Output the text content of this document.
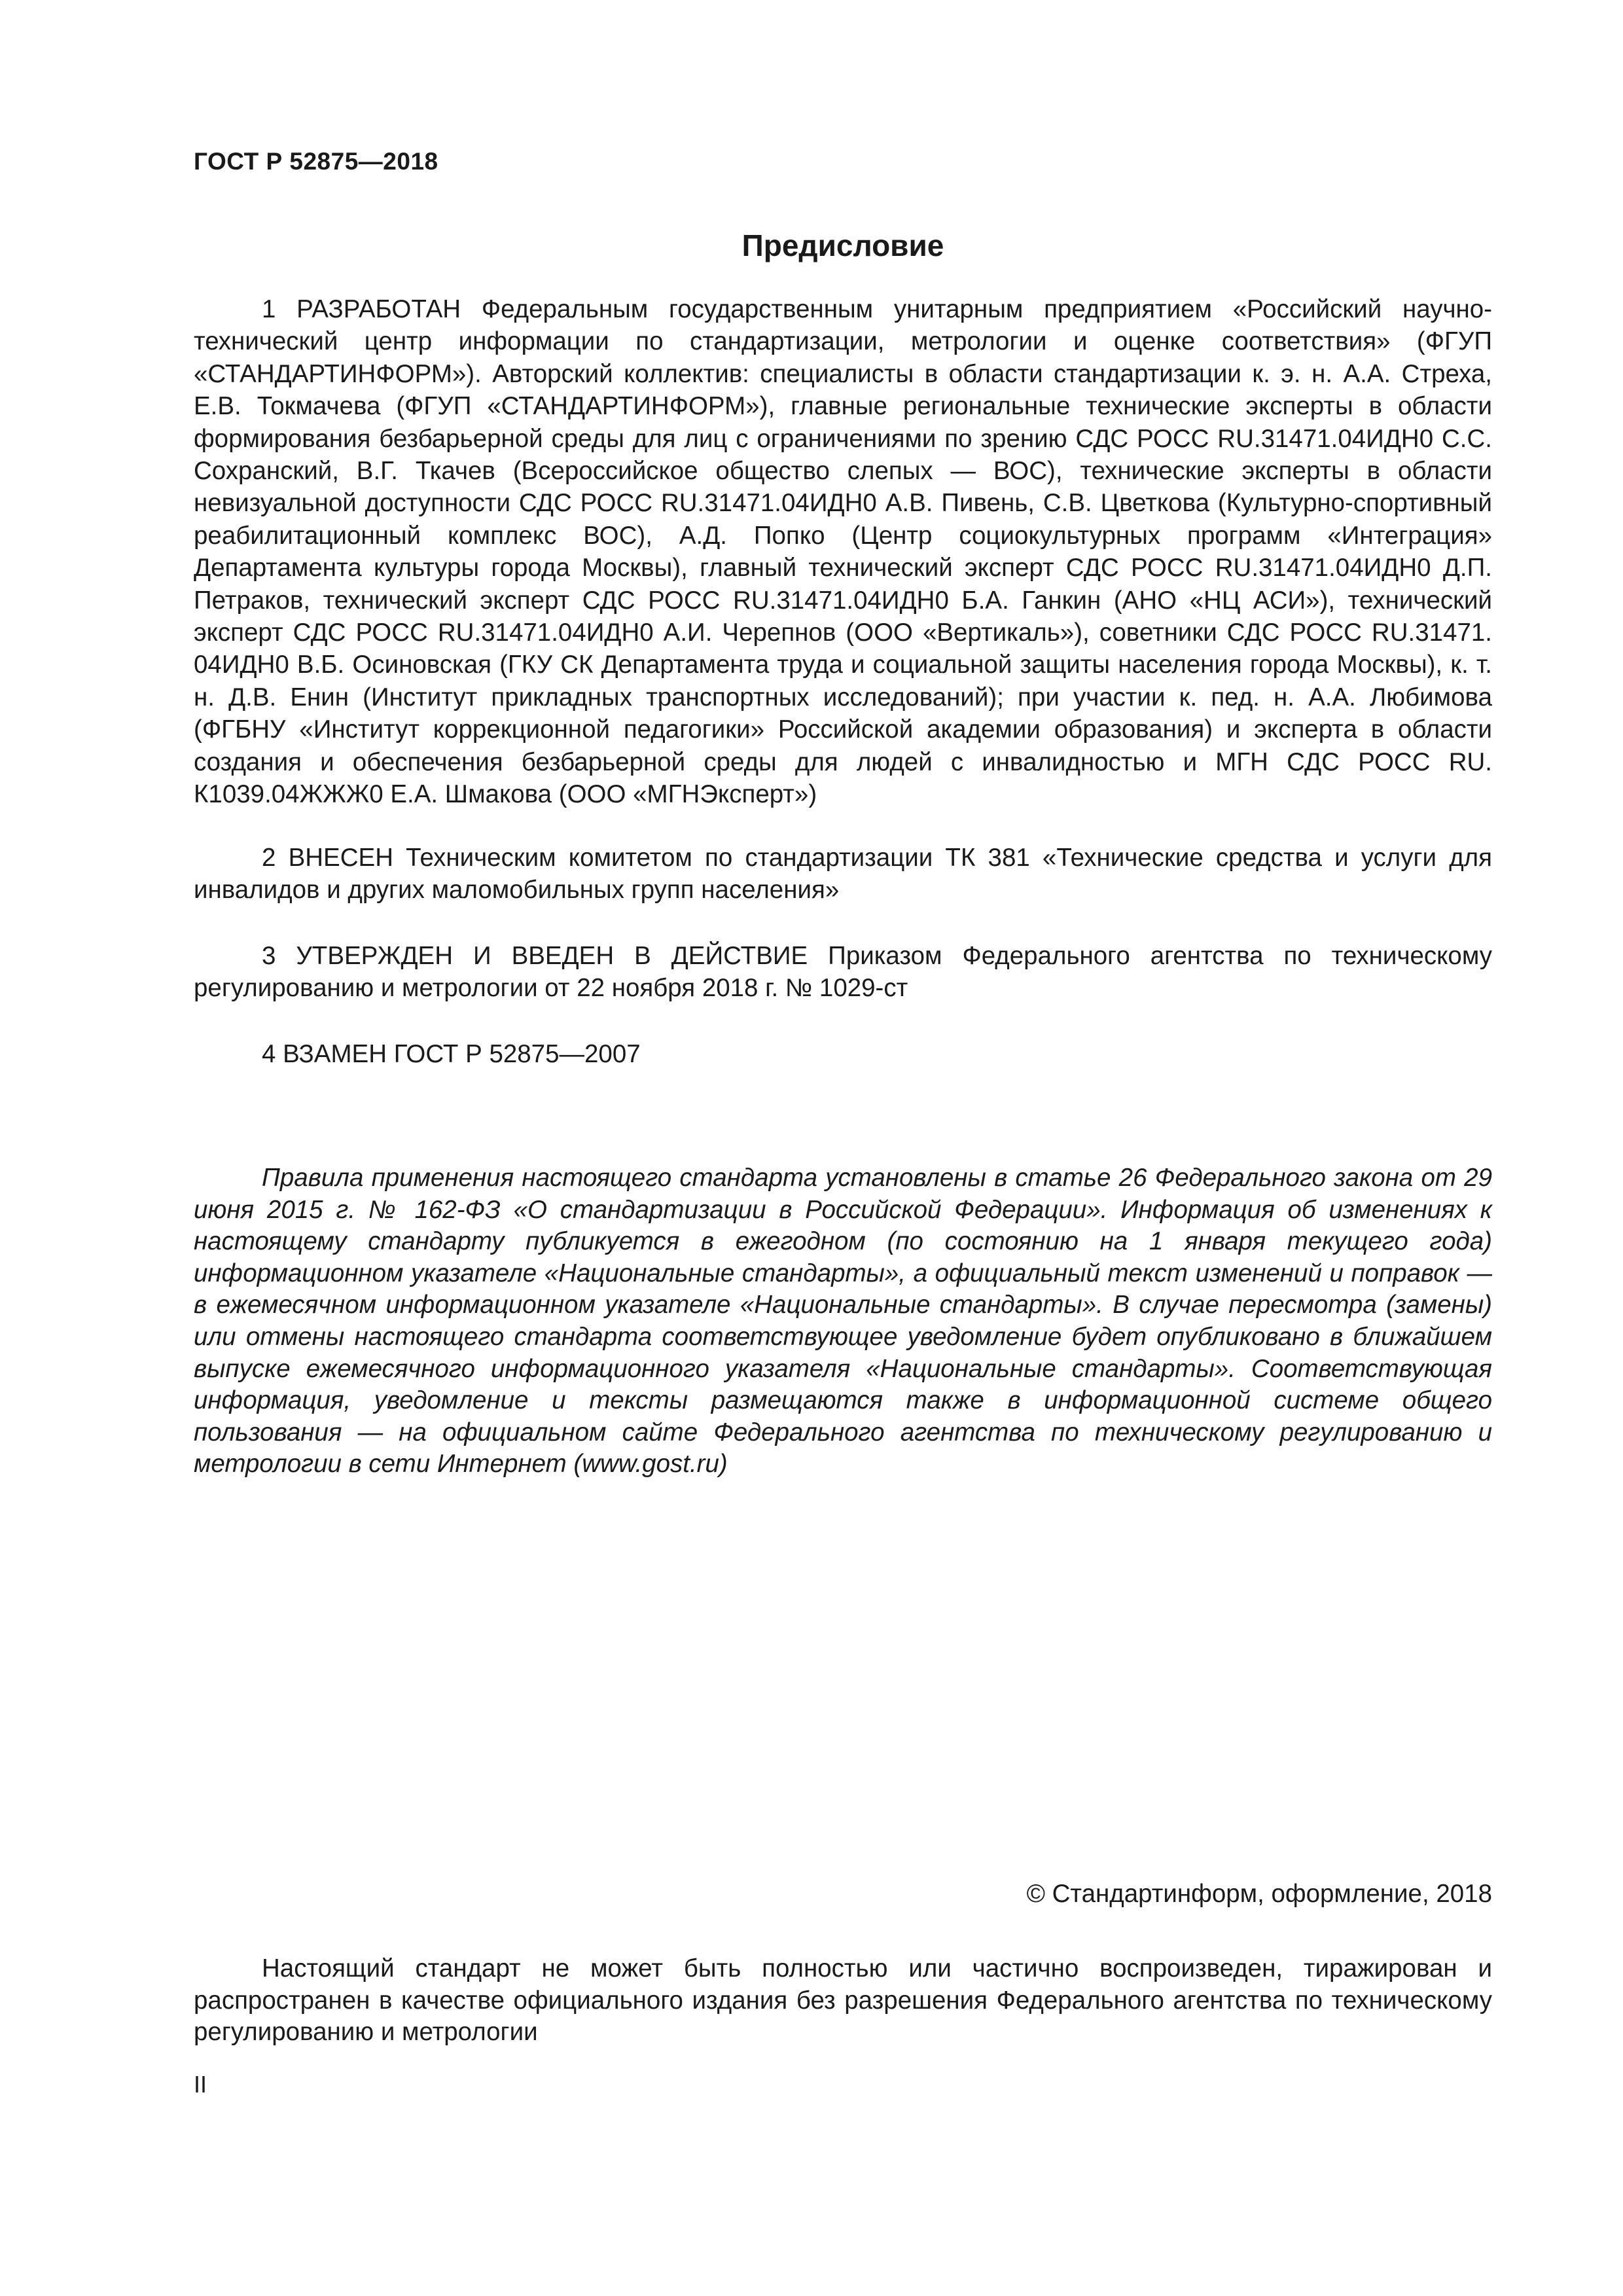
ГОСТ Р 52875—2018
Предисловие

1 РАЗРАБОТАН Федеральным государственным унитарным предприятием «Российский научно-технический центр информации по стандартизации, метрологии и оценке соответствия» (ФГУП «СТАНДАРТИНФОРМ»). Авторский коллектив: специалисты в области стандартизации к. э. н. А.А. Стреха, Е.В. Токмачева (ФГУП «СТАНДАРТИНФОРМ»), главные региональные технические эксперты в области формирования безбарьерной среды для лиц с ограничениями по зрению СДС РОСС RU.31471.04ИДН0 С.С. Сохранский, В.Г. Ткачев (Всероссийское общество слепых — ВОС), технические эксперты в области невизуальной доступности СДС РОСС RU.31471.04ИДН0 А.В. Пивень, С.В. Цветкова (Культурно-спортивный реабилитационный комплекс ВОС), А.Д. Попко (Центр социокультурных программ «Интеграция» Департамента культуры города Москвы), главный технический эксперт СДС РОСС RU.31471.04ИДН0 Д.П. Петраков, технический эксперт СДС РОСС RU.31471.04ИДН0 Б.А. Ганкин (АНО «НЦ АСИ»), технический эксперт СДС РОСС RU.31471.04ИДН0 А.И. Черепнов (ООО «Вертикаль»), советники СДС РОСС RU.31471. 04ИДН0 В.Б. Осиновская (ГКУ СК Департамента труда и социальной защиты населения города Москвы), к. т. н. Д.В. Енин (Институт прикладных транспортных исследований); при участии к. пед. н. А.А. Любимова (ФГБНУ «Институт коррекционной педагогики» Российской академии образования) и эксперта в области создания и обеспечения безбарьерной среды для людей с инвалидностью и МГН СДС РОСС RU. К1039.04ЖЖЖ0 Е.А. Шмакова (ООО «МГНЭксперт»)

2 ВНЕСЕН Техническим комитетом по стандартизации ТК 381 «Технические средства и услуги для инвалидов и других маломобильных групп населения»

3 УТВЕРЖДЕН И ВВЕДЕН В ДЕЙСТВИЕ Приказом Федерального агентства по техническому регулированию и метрологии от 22 ноября 2018 г. № 1029-ст

4 ВЗАМЕН ГОСТ Р 52875—2007

Правила применения настоящего стандарта установлены в статье 26 Федерального закона от 29 июня 2015 г. № 162-ФЗ «О стандартизации в Российской Федерации». Информация об изменениях к настоящему стандарту публикуется в ежегодном (по состоянию на 1 января текущего года) информационном указателе «Национальные стандарты», а официальный текст изменений и поправок — в ежемесячном информационном указателе «Национальные стандарты». В случае пересмотра (замены) или отмены настоящего стандарта соответствующее уведомление будет опубликовано в ближайшем выпуске ежемесячного информационного указателя «Национальные стандарты». Соответствующая информация, уведомление и тексты размещаются также в информационной системе общего пользования — на официальном сайте Федерального агентства по техническому регулированию и метрологии в сети Интернет (www.gost.ru)

© Стандартинформ, оформление, 2018

Настоящий стандарт не может быть полностью или частично воспроизведен, тиражирован и распространен в качестве официального издания без разрешения Федерального агентства по техническому регулированию и метрологии

II
